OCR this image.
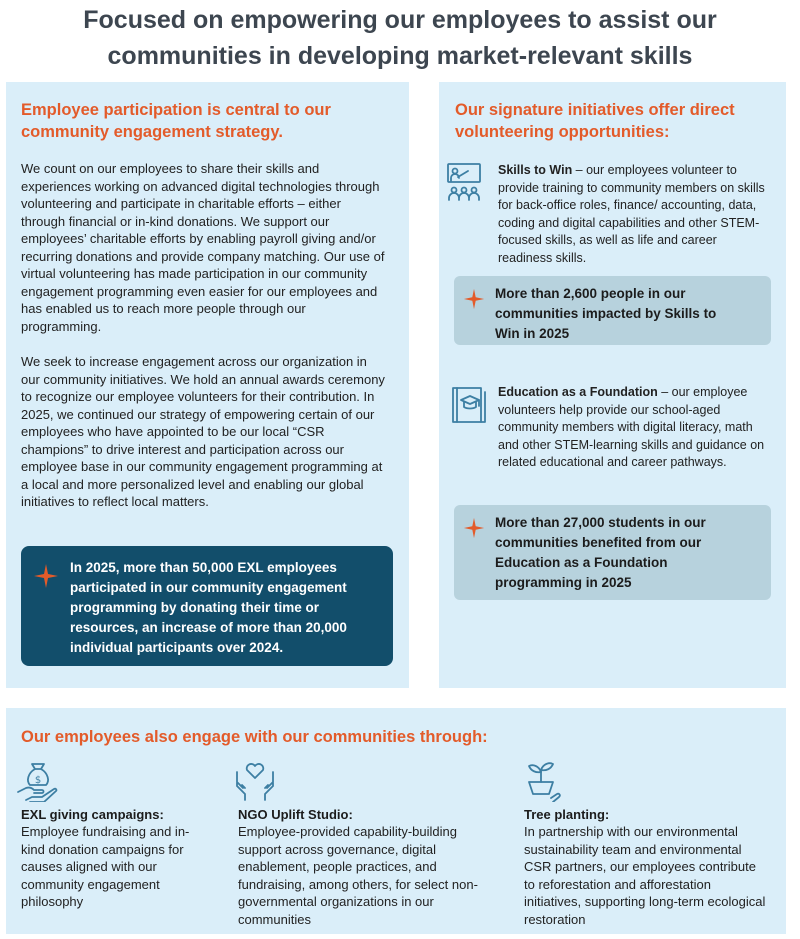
Focused on empowering our employees to assist our
communities in developing market-relevant skills
Employee participation is central to our community engagement strategy.

We count on our employees to share their skills and experiences working on advanced digital technologies through volunteering and participate in charitable efforts – either through financial or in-kind donations. We support our employees’ charitable efforts by enabling payroll giving and/or recurring donations and provide company matching. Our use of virtual volunteering has made participation in our community engagement programming even easier for our employees and has enabled us to reach more people through our programming.

We seek to increase engagement across our organization in our community initiatives. We hold an annual awards ceremony to recognize our employee volunteers for their contribution. In 2025, we continued our strategy of empowering certain of our employees who have appointed to be our local “CSR champions” to drive interest and participation across our employee base in our community engagement programming at a local and more personalized level and enabling our global initiatives to reflect local matters.

In 2025, more than 50,000 EXL employees participated in our community engagement programming by donating their time or resources, an increase of more than 20,000 individual participants over 2024.
Our signature initiatives offer direct volunteering opportunities:
Skills to Win – our employees volunteer to provide training to community members on skills for back-office roles, finance/ accounting, data, coding and digital capabilities and other STEM-focused skills, as well as life and career readiness skills.
More than 2,600 people in our communities impacted by Skills to Win in 2025
Education as a Foundation – our employee volunteers help provide our school-aged community members with digital literacy, math and other STEM-learning skills and guidance on related educational and career pathways.
More than 27,000 students in our communities benefited from our Education as a Foundation programming in 2025
Our employees also engage with our communities through:
$
EXL giving campaigns:
Employee fundraising and in-kind donation campaigns for causes aligned with our community engagement philosophy
NGO Uplift Studio:
Employee-provided capability-building support across governance, digital enablement, people practices, and fundraising, among others, for select non-governmental organizations in our communities
Tree planting:
In partnership with our environmental sustainability team and environmental CSR partners, our employees contribute to reforestation and afforestation initiatives, supporting long-term ecological restoration
